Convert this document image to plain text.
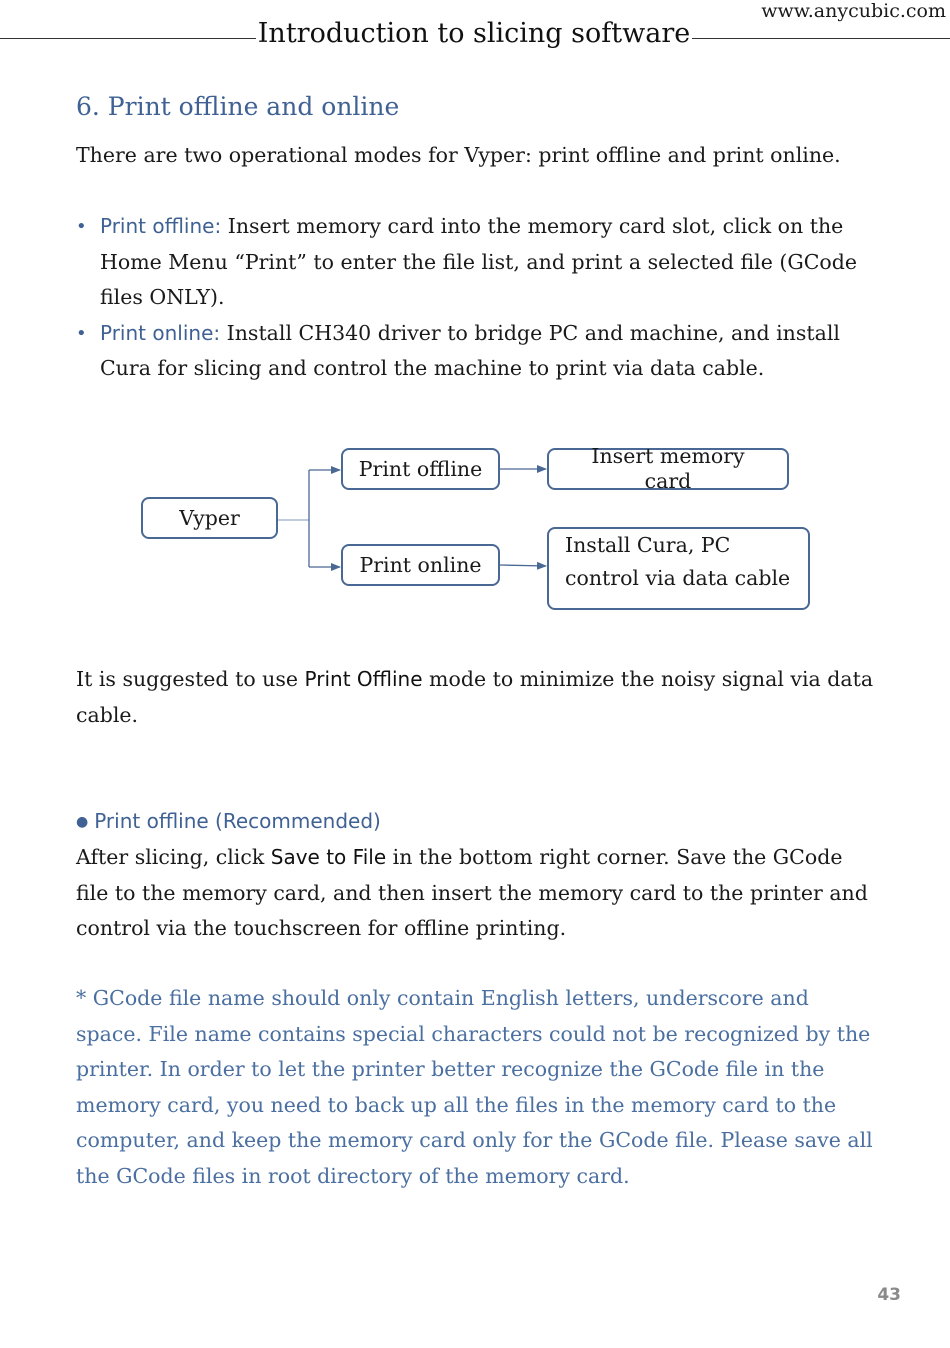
www.anycubic.com
Introduction to slicing software
6. Print offline and online

There are two operational modes for Vyper: print offline and print online.

• Print offline: Insert memory card into the memory card slot, click on the Home Menu “Print” to enter the file list, and print a selected file (GCode files ONLY).
• Print online: Install CH340 driver to bridge PC and machine, and install Cura for slicing and control the machine to print via data cable.
Vyper
Print offline
Print online
Insert memory card
Install Cura, PC control via data cable

It is suggested to use Print Offline mode to minimize the noisy signal via data cable.

● Print offline (Recommended)

After slicing, click Save to File in the bottom right corner. Save the GCode file to the memory card, and then insert the memory card to the printer and control via the touchscreen for offline printing.

* GCode file name should only contain English letters, underscore and space. File name contains special characters could not be recognized by the printer. In order to let the printer better recognize the GCode file in the memory card, you need to back up all the files in the memory card to the computer, and keep the memory card only for the GCode file. Please save all the GCode files in root directory of the memory card.

43
